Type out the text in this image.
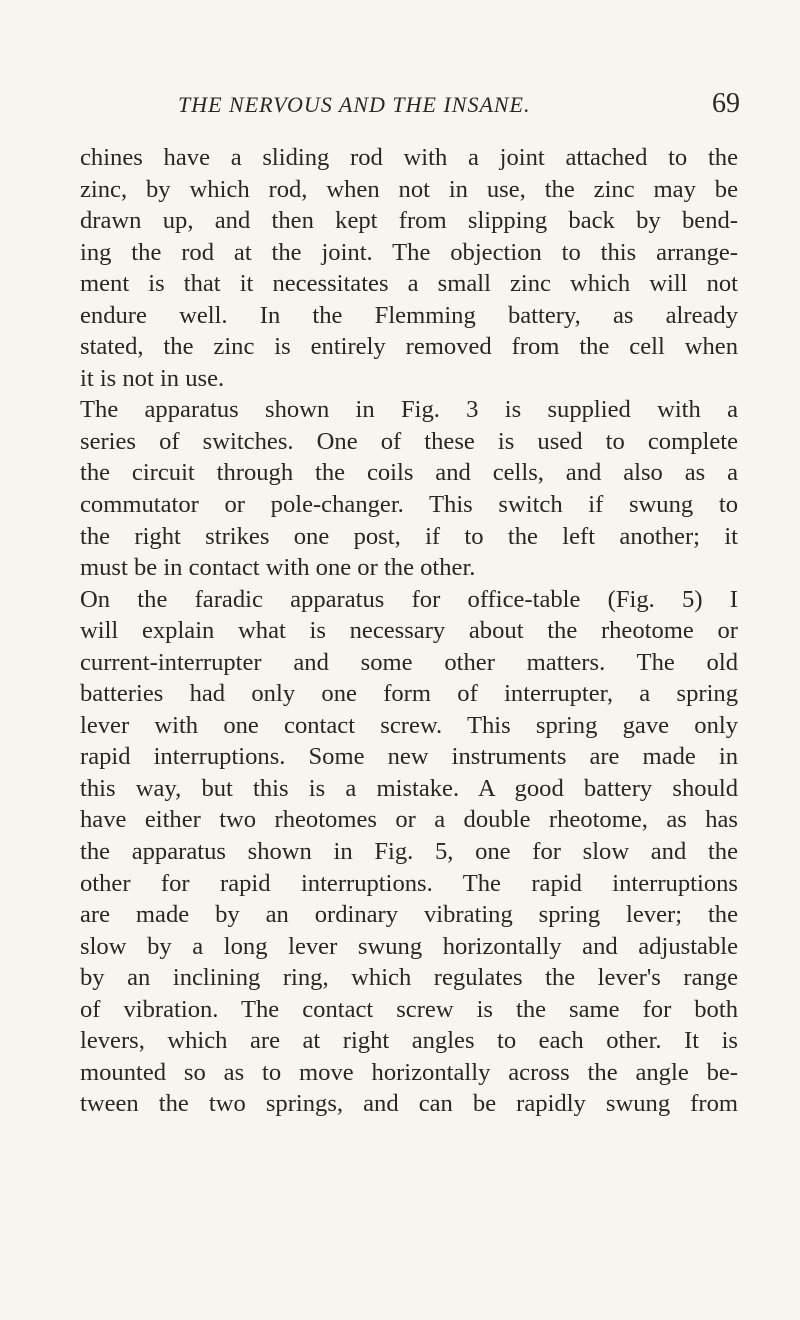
THE NERVOUS AND THE INSANE.	69
chines have a sliding rod with a joint attached to the
zinc, by which rod, when not in use, the zinc may be
drawn up, and then kept from slipping back by bend-
ing the rod at the joint. The objection to this arrange-
ment is that it necessitates a small zinc which will not
endure well. In the Flemming battery, as already
stated, the zinc is entirely removed from the cell when
it is not in use.
The apparatus shown in Fig. 3 is supplied with a
series of switches. One of these is used to complete
the circuit through the coils and cells, and also as a
commutator or pole-changer. This switch if swung to
the right strikes one post, if to the left another; it
must be in contact with one or the other.
On the faradic apparatus for office-table (Fig. 5) I
will explain what is necessary about the rheotome or
current-interrupter and some other matters. The old
batteries had only one form of interrupter, a spring
lever with one contact screw. This spring gave only
rapid interruptions. Some new instruments are made in
this way, but this is a mistake. A good battery should
have either two rheotomes or a double rheotome, as has
the apparatus shown in Fig. 5, one for slow and the
other for rapid interruptions. The rapid interruptions
are made by an ordinary vibrating spring lever; the
slow by a long lever swung horizontally and adjustable
by an inclining ring, which regulates the lever's range
of vibration. The contact screw is the same for both
levers, which are at right angles to each other. It is
mounted so as to move horizontally across the angle be-
tween the two springs, and can be rapidly swung from
